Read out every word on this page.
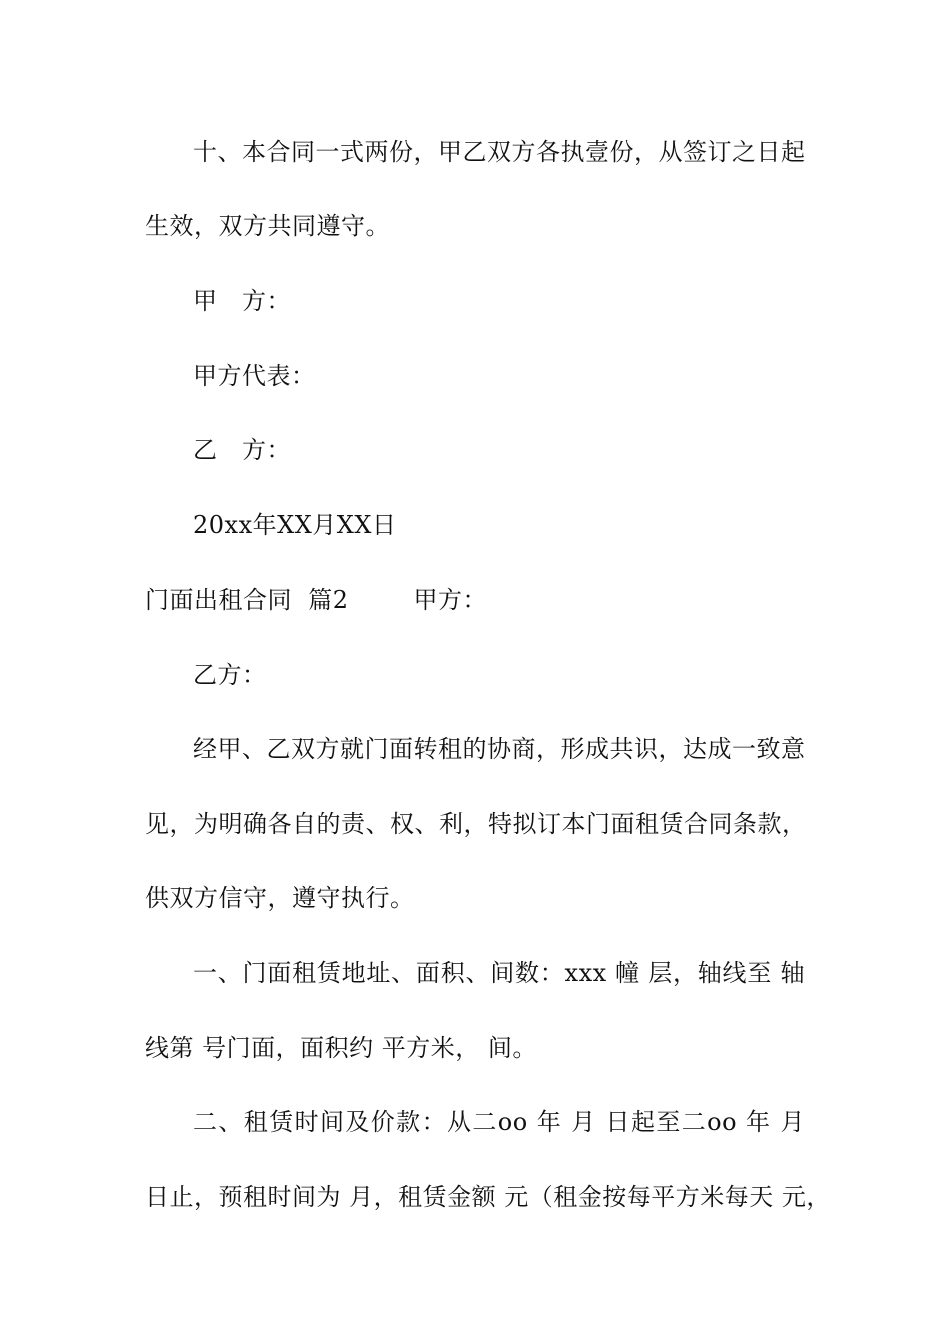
十、本合同一式两份，甲乙双方各执壹份，从签订之日起
生效，双方共同遵守。
甲　方：
甲方代表：
乙　方：
20xx年XX月XX日
门面出租合同  篇2        甲方：
乙方：
经甲、乙双方就门面转租的协商，形成共识，达成一致意
见，为明确各自的责、权、利，特拟订本门面租赁合同条款，
供双方信守，遵守执行。
一、门面租赁地址、面积、间数：xxx 幢 层，轴线至 轴
线第 号门面，面积约 平方米， 间。
二、租赁时间及价款：从二oo 年 月 日起至二oo 年 月
日止，预租时间为 月，租赁金额 元（租金按每平方米每天 元，
